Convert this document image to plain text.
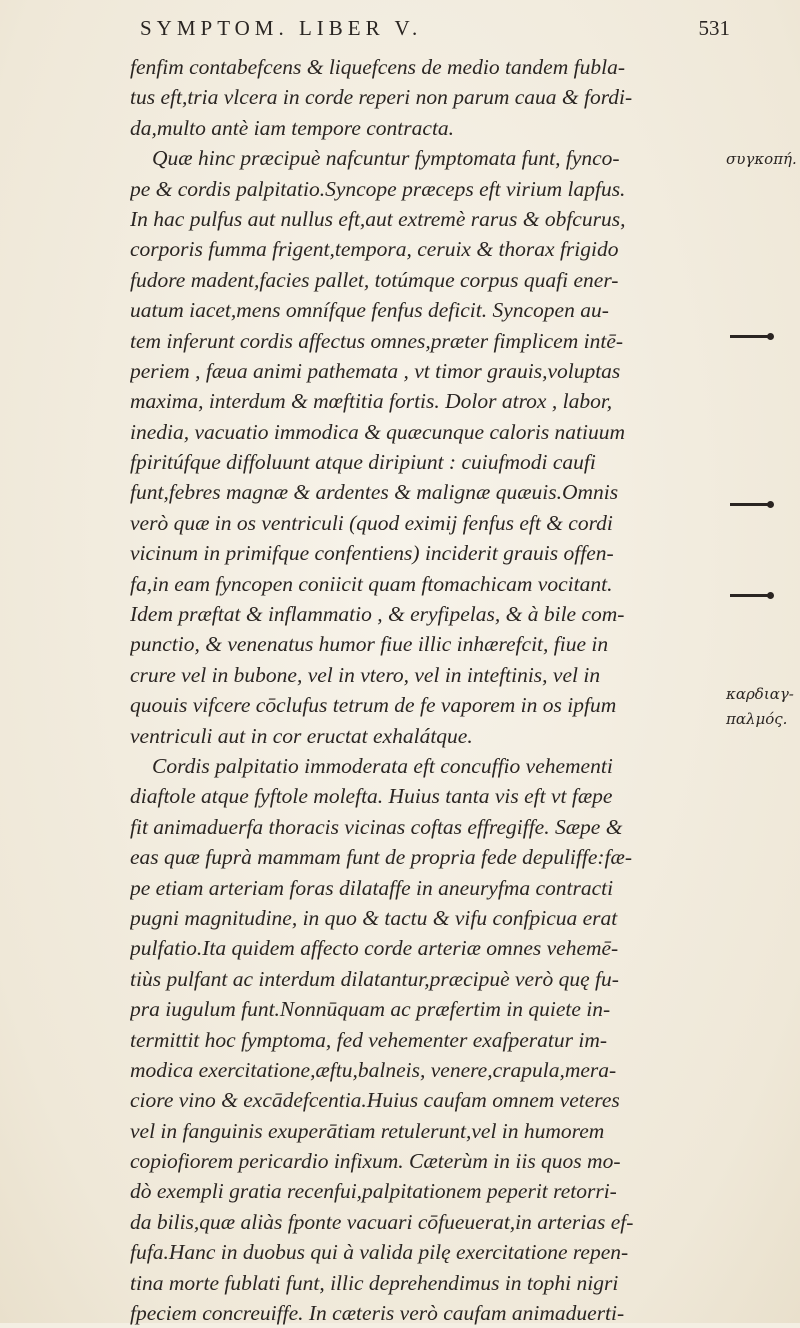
SYMPTOM. LIBER V.	531
fenfim contabefcens & liquefcens de medio tandem fubla-
tus eft,tria vlcera in corde reperi non parum caua & fordi-
da,multo antè iam tempore contracta.
Quæ hinc præcipuè nafcuntur fymptomata funt, fynco-
pe & cordis palpitatio.Syncope præceps eft virium lapfus.
In hac pulfus aut nullus eft,aut extremè rarus & obfcurus,
corporis fumma frigent,tempora, ceruix & thorax frigido
fudore madent,facies pallet, totúmque corpus quafi ener-
uatum iacet,mens omnífque fenfus deficit. Syncopen au-
tem inferunt cordis affectus omnes,præter fimplicem intē-
periem , fæua animi pathemata , vt timor grauis,voluptas
maxima, interdum & mœftitia fortis. Dolor atrox , labor,
inedia, vacuatio immodica & quæcunque caloris natiuum
fpiritúfque diffoluunt atque diripiunt : cuiufmodi caufi
funt,febres magnæ & ardentes & malignæ quæuis.Omnis
verò quæ in os ventriculi (quod eximij fenfus eft & cordi
vicinum in primifque confentiens) inciderit grauis offen-
fa,in eam fyncopen coniicit quam ftomachicam vocitant.
Idem præftat & inflammatio , & eryfipelas, & à bile com-
punctio, & venenatus humor fiue illic inhærefcit, fiue in
crure vel in bubone, vel in vtero, vel in inteftinis, vel in
quouis vifcere cōclufus tetrum de fe vaporem in os ipfum
ventriculi aut in cor eructat exhalátque.
Cordis palpitatio immoderata eft concuffio vehementi
diaftole atque fyftole molefta. Huius tanta vis eft vt fæpe
fit animaduerfa thoracis vicinas coftas effregiffe. Sæpe &
eas quæ fuprà mammam funt de propria fede depuliffe:fæ-
pe etiam arteriam foras dilataffe in aneuryfma contracti
pugni magnitudine, in quo & tactu & vifu confpicua erat
pulfatio.Ita quidem affecto corde arteriæ omnes vehemē-
tiùs pulfant ac interdum dilatantur,præcipuè verò quę fu-
pra iugulum funt.Nonnūquam ac præfertim in quiete in-
termittit hoc fymptoma, fed vehementer exafperatur im-
modica exercitatione,æftu,balneis, venere,crapula,mera-
ciore vino & excādefcentia.Huius caufam omnem veteres
vel in fanguinis exuperātiam retulerunt,vel in humorem
copiofiorem pericardio infixum. Cæterùm in iis quos mo-
dò exempli gratia recenfui,palpitationem peperit retorri-
da bilis,quæ aliàs fponte vacuari cōfueuerat,in arterias ef-
fufa.Hanc in duobus qui à valida pilę exercitatione repen-
tina morte fublati funt, illic deprehendimus in tophi nigri
fpeciem concreuiffe. In cæteris verò caufam animaduerti-
συγκοπή.
καρδιαγ-
παλμός.
